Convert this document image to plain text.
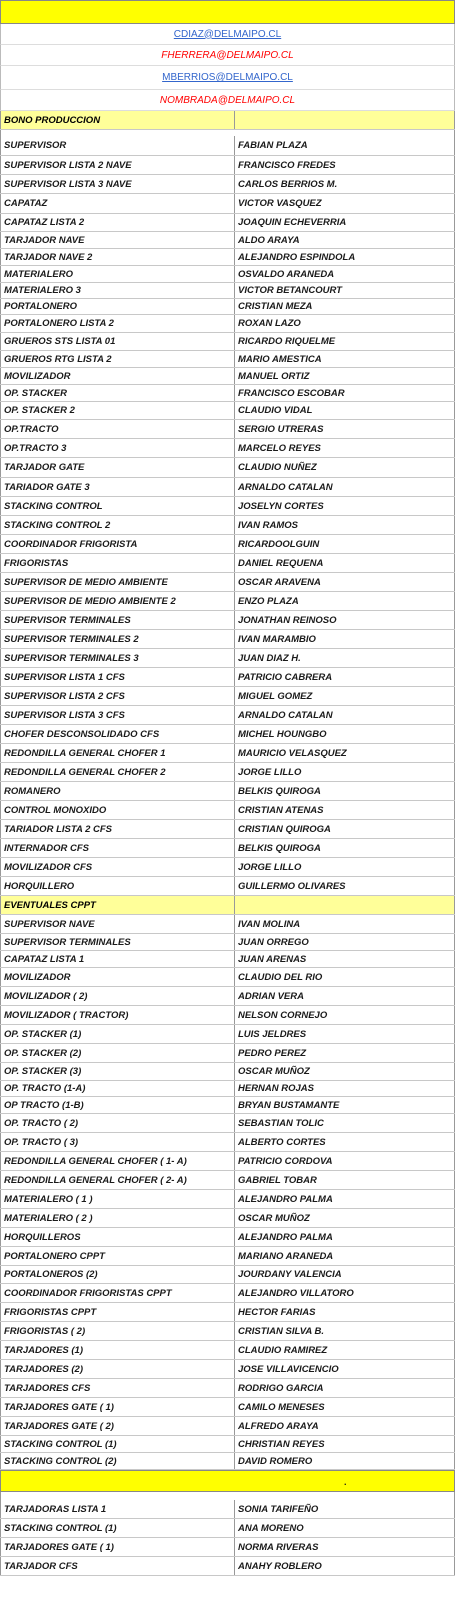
CDIAZ@DELMAIPO.CL
FHERRERA@DELMAIPO.CL
MBERRIOS@DELMAIPO.CL
NOMBRADA@DELMAIPO.CL
BONO PRODUCCION
SUPERVISOR	FABIAN PLAZA
SUPERVISOR LISTA 2 NAVE	FRANCISCO FREDES
SUPERVISOR LISTA 3 NAVE	CARLOS BERRIOS M.
CAPATAZ	VICTOR VASQUEZ
CAPATAZ LISTA 2	JOAQUIN ECHEVERRIA
TARJADOR NAVE	ALDO ARAYA
TARJADOR NAVE 2	ALEJANDRO ESPINDOLA
MATERIALERO	OSVALDO ARANEDA
MATERIALERO 3	VICTOR BETANCOURT
PORTALONERO	CRISTIAN MEZA
PORTALONERO LISTA 2	ROXAN LAZO
GRUEROS STS LISTA 01	RICARDO RIQUELME
GRUEROS RTG LISTA 2	MARIO AMESTICA
MOVILIZADOR	MANUEL ORTIZ
OP. STACKER	FRANCISCO ESCOBAR
OP. STACKER 2	CLAUDIO VIDAL
OP.TRACTO	SERGIO UTRERAS
OP.TRACTO 3	MARCELO REYES
TARJADOR GATE	CLAUDIO NUÑEZ
TARIADOR GATE 3	ARNALDO CATALAN
STACKING CONTROL	JOSELYN CORTES
STACKING CONTROL 2	IVAN RAMOS
COORDINADOR FRIGORISTA	RICARDOOLGUIN
FRIGORISTAS	DANIEL REQUENA
SUPERVISOR DE MEDIO AMBIENTE	OSCAR ARAVENA
SUPERVISOR DE MEDIO AMBIENTE 2	ENZO PLAZA
SUPERVISOR TERMINALES	JONATHAN REINOSO
SUPERVISOR TERMINALES 2	IVAN MARAMBIO
SUPERVISOR TERMINALES 3	JUAN DIAZ H.
SUPERVISOR LISTA 1 CFS	PATRICIO CABRERA
SUPERVISOR LISTA 2 CFS	MIGUEL GOMEZ
SUPERVISOR LISTA 3 CFS	ARNALDO CATALAN
CHOFER DESCONSOLIDADO CFS	MICHEL HOUNGBO
REDONDILLA GENERAL CHOFER 1	MAURICIO VELASQUEZ
REDONDILLA GENERAL CHOFER 2	JORGE LILLO
ROMANERO	BELKIS QUIROGA
CONTROL MONOXIDO	CRISTIAN ATENAS
TARIADOR LISTA 2 CFS	CRISTIAN QUIROGA
INTERNADOR CFS	BELKIS QUIROGA
MOVILIZADOR CFS	JORGE LILLO
HORQUILLERO	GUILLERMO OLIVARES
EVENTUALES CPPT
SUPERVISOR NAVE	IVAN MOLINA
SUPERVISOR TERMINALES	JUAN ORREGO
CAPATAZ LISTA 1	JUAN ARENAS
MOVILIZADOR	CLAUDIO DEL RIO
MOVILIZADOR ( 2)	ADRIAN VERA
MOVILIZADOR ( TRACTOR)	NELSON CORNEJO
OP. STACKER (1)	LUIS JELDRES
OP. STACKER (2)	PEDRO PEREZ
OP. STACKER (3)	OSCAR MUÑOZ
OP. TRACTO (1-A)	HERNAN ROJAS
OP TRACTO (1-B)	BRYAN BUSTAMANTE
OP. TRACTO ( 2)	SEBASTIAN TOLIC
OP. TRACTO ( 3)	ALBERTO CORTES
REDONDILLA GENERAL CHOFER ( 1- A)	PATRICIO CORDOVA
REDONDILLA GENERAL CHOFER ( 2- A)	GABRIEL TOBAR
MATERIALERO ( 1 )	ALEJANDRO PALMA
MATERIALERO ( 2 )	OSCAR MUÑOZ
HORQUILLEROS	ALEJANDRO PALMA
PORTALONERO CPPT	MARIANO ARANEDA
PORTALONEROS (2)	JOURDANY VALENCIA
COORDINADOR FRIGORISTAS CPPT	ALEJANDRO VILLATORO
FRIGORISTAS CPPT	HECTOR FARIAS
FRIGORISTAS ( 2)	CRISTIAN SILVA B.
TARJADORES (1)	CLAUDIO RAMIREZ
TARJADORES (2)	JOSE VILLAVICENCIO
TARJADORES CFS	RODRIGO GARCIA
TARJADORES GATE ( 1)	CAMILO MENESES
TARJADORES GATE ( 2)	ALFREDO ARAYA
STACKING CONTROL (1)	CHRISTIAN REYES
STACKING CONTROL (2)	DAVID ROMERO
.
TARJADORAS LISTA 1	SONIA TARIFEÑO
STACKING CONTROL (1)	ANA MORENO
TARJADORES GATE ( 1)	NORMA RIVERAS
TARJADOR CFS	ANAHY ROBLERO
